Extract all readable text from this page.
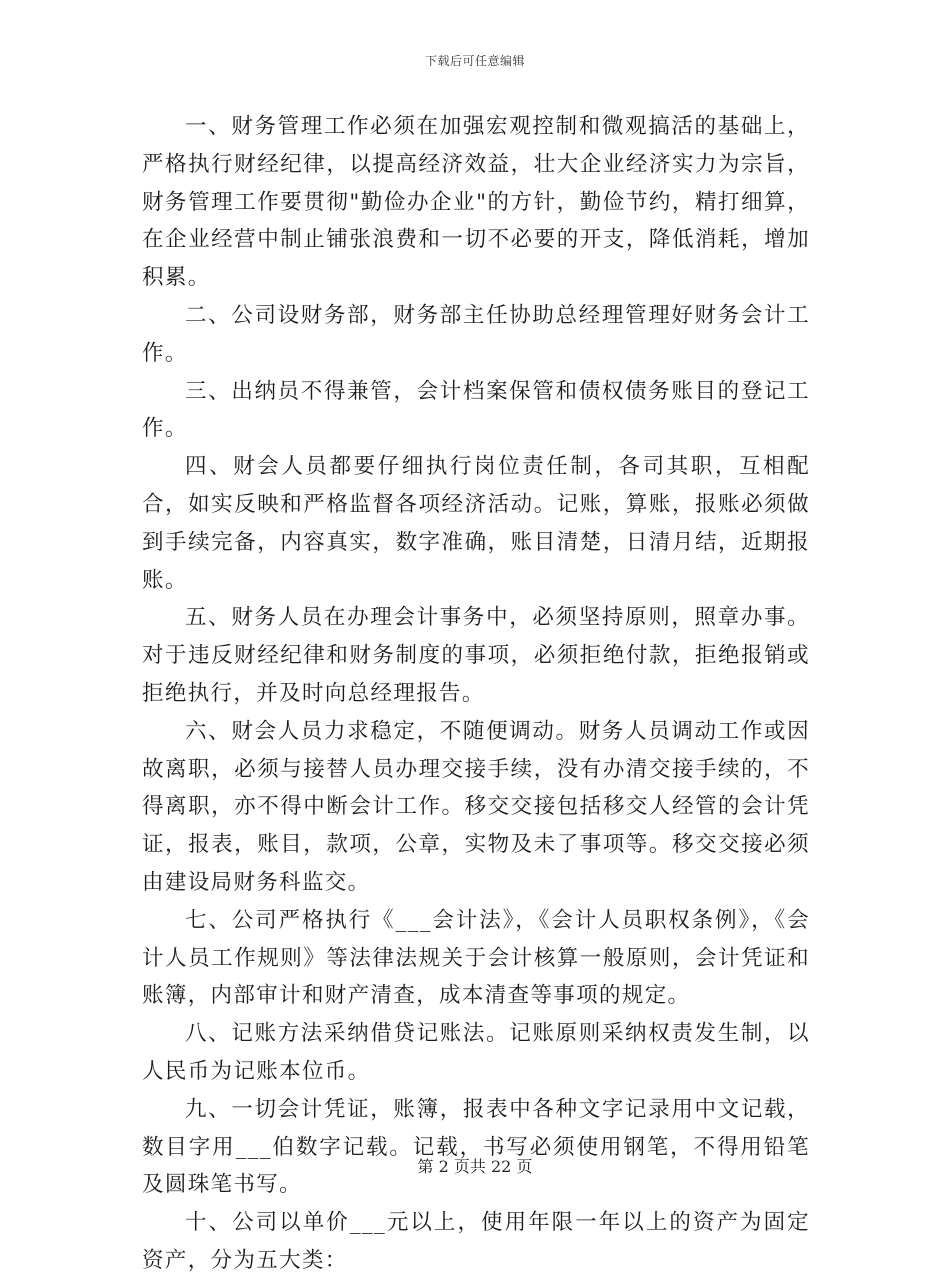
下载后可任意编辑

一、财务管理工作必须在加强宏观控制和微观搞活的基础上，严格执行财经纪律，以提高经济效益，壮大企业经济实力为宗旨，财务管理工作要贯彻"勤俭办企业"的方针，勤俭节约，精打细算，在企业经营中制止铺张浪费和一切不必要的开支，降低消耗，增加积累。

二、公司设财务部，财务部主任协助总经理管理好财务会计工作。

三、出纳员不得兼管，会计档案保管和债权债务账目的登记工作。

四、财会人员都要仔细执行岗位责任制，各司其职，互相配合，如实反映和严格监督各项经济活动。记账，算账，报账必须做到手续完备，内容真实，数字准确，账目清楚，日清月结，近期报账。

五、财务人员在办理会计事务中，必须坚持原则，照章办事。对于违反财经纪律和财务制度的事项，必须拒绝付款，拒绝报销或拒绝执行，并及时向总经理报告。

六、财会人员力求稳定，不随便调动。财务人员调动工作或因故离职，必须与接替人员办理交接手续，没有办清交接手续的，不得离职，亦不得中断会计工作。移交交接包括移交人经管的会计凭证，报表，账目，款项，公章，实物及未了事项等。移交交接必须由建设局财务科监交。

七、公司严格执行《___会计法》，《会计人员职权条例》，《会计人员工作规则》等法律法规关于会计核算一般原则，会计凭证和账簿，内部审计和财产清查，成本清查等事项的规定。

八、记账方法采纳借贷记账法。记账原则采纳权责发生制，以人民币为记账本位币。

九、一切会计凭证，账簿，报表中各种文字记录用中文记载，数目字用___伯数字记载。记载，书写必须使用钢笔，不得用铅笔及圆珠笔书写。

十、公司以单价___元以上，使用年限一年以上的资产为固定资产，分为五大类：

第 2 页共 22 页
